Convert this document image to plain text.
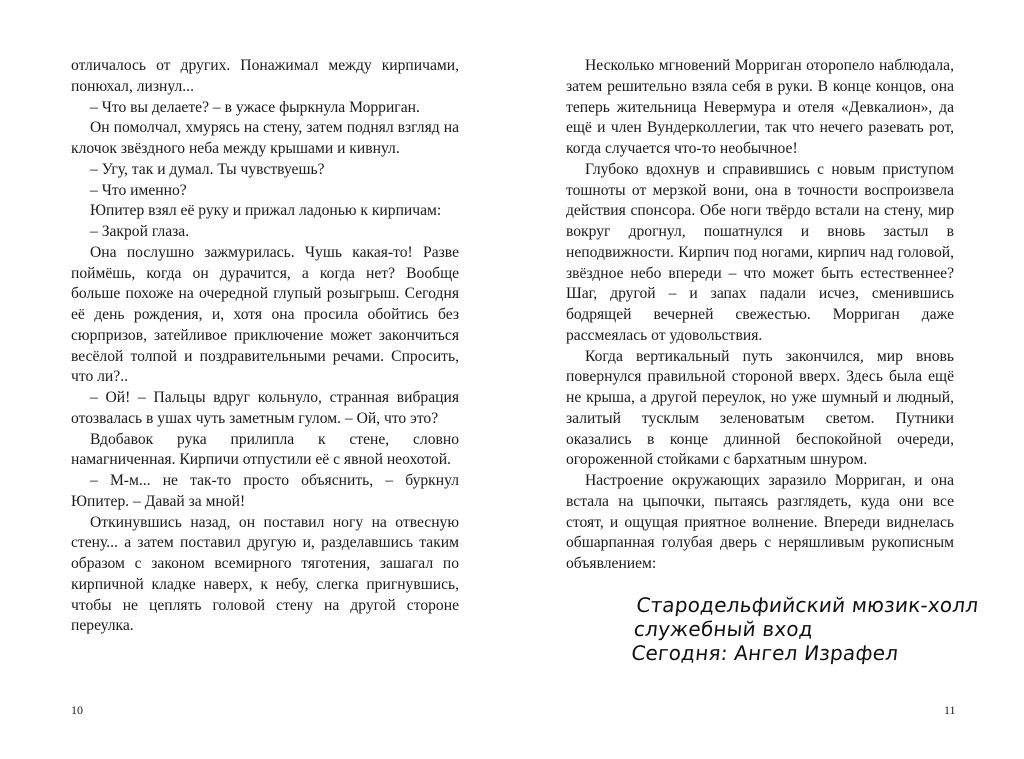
отличалось от других. Понажимал между кирпичами, понюхал, лизнул...

– Что вы делаете? – в ужасе фыркнула Морриган.

Он помолчал, хмурясь на стену, затем поднял взгляд на клочок звёздного неба между крышами и кивнул.

– Угу, так и думал. Ты чувствуешь?

– Что именно?

Юпитер взял её руку и прижал ладонью к кирпичам:

– Закрой глаза.

Она послушно зажмурилась. Чушь какая-то! Разве поймёшь, когда он дурачится, а когда нет? Вообще больше похоже на очередной глупый розыгрыш. Сегодня её день рождения, и, хотя она просила обойтись без сюрпризов, затейливое приключение может закончиться весёлой толпой и поздравительными речами. Спросить, что ли?..

– Ой! – Пальцы вдруг кольнуло, странная вибрация отозвалась в ушах чуть заметным гулом. – Ой, что это?

Вдобавок рука прилипла к стене, словно намагниченная. Кирпичи отпустили её с явной неохотой.

– М-м... не так-то просто объяснить, – буркнул Юпитер. – Давай за мной!

Откинувшись назад, он поставил ногу на отвесную стену... а затем поставил другую и, разделавшись таким образом с законом всемирного тяготения, зашагал по кирпичной кладке наверх, к небу, слегка пригнувшись, чтобы не цеплять головой стену на другой стороне переулка.

Несколько мгновений Морриган оторопело наблюдала, затем решительно взяла себя в руки. В конце концов, она теперь жительница Невермура и отеля «Девкалион», да ещё и член Вундерколлегии, так что нечего разевать рот, когда случается что-то необычное!

Глубоко вдохнув и справившись с новым приступом тошноты от мерзкой вони, она в точности воспроизвела действия спонсора. Обе ноги твёрдо встали на стену, мир вокруг дрогнул, пошатнулся и вновь застыл в неподвижности. Кирпич под ногами, кирпич над головой, звёздное небо впереди – что может быть естественнее? Шаг, другой – и запах падали исчез, сменившись бодрящей вечерней свежестью. Морриган даже рассмеялась от удовольствия.

Когда вертикальный путь закончился, мир вновь повернулся правильной стороной вверх. Здесь была ещё не крыша, а другой переулок, но уже шумный и людный, залитый тусклым зеленоватым светом. Путники оказались в конце длинной беспокойной очереди, огороженной стойками с бархатным шнуром.

Настроение окружающих заразило Морриган, и она встала на цыпочки, пытаясь разглядеть, куда они все стоят, и ощущая приятное волнение. Впереди виднелась обшарпанная голубая дверь с неряшливым рукописным объявлением:

Стародельфийский мюзик-холл
служебный вход
Сегодня: Ангел Израфел
10	11
